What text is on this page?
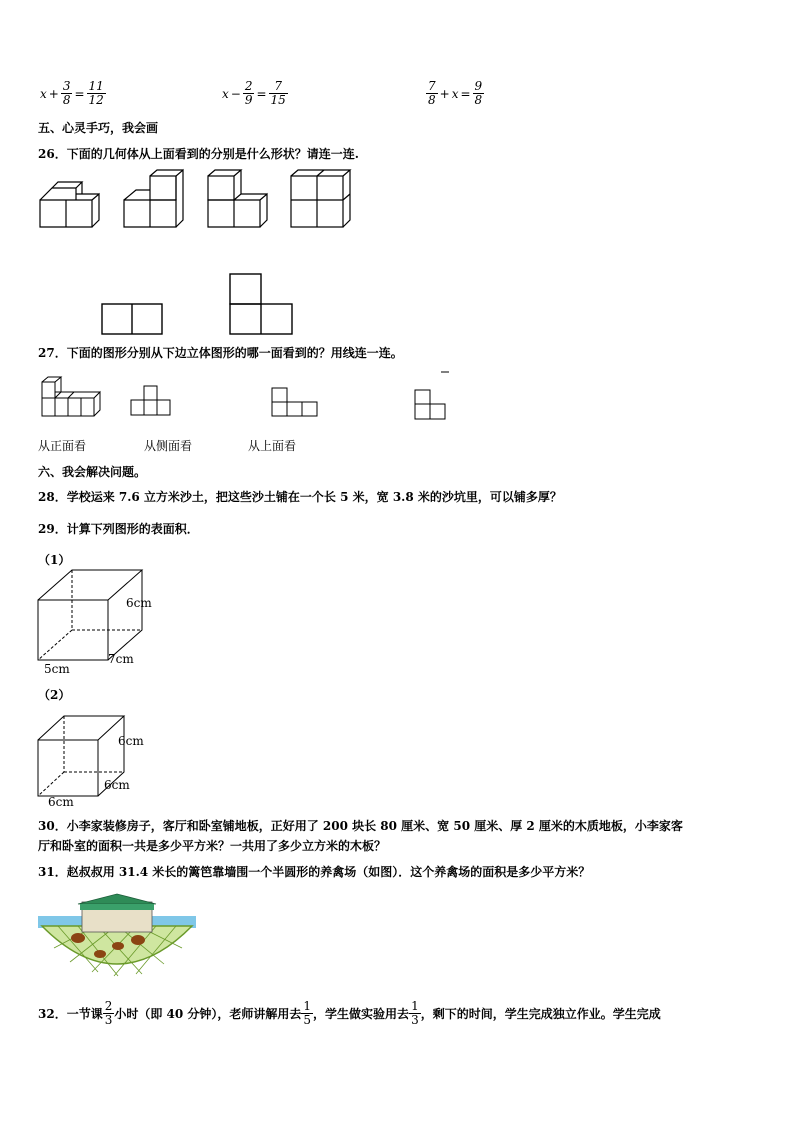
$x + \frac{3}{8} = \frac{11}{12}$	$x - \frac{2}{9} = \frac{7}{15}$	$\frac{7}{8} + x = \frac{9}{8}$
五、心灵手巧，我会画
26．下面的几何体从上面看到的分别是什么形状？请连一连.
27．下面的图形分别从下边立体图形的哪一面看到的？用线连一连。
从正面看	从侧面看	从上面看
六、我会解决问题。
28．学校运来 7.6 立方米沙土，把这些沙土铺在一个长 5 米，宽 3.8 米的沙坑里，可以铺多厚？
29．计算下列图形的表面积．
（1）
6cm
7cm
5cm
（2）
6cm
6cm
6cm
30．小李家装修房子，客厅和卧室铺地板，正好用了 200 块长 80 厘米、宽 50 厘米、厚 2 厘米的木质地板，小李家客
厅和卧室的面积一共是多少平方米？一共用了多少立方米的木板？
31．赵叔叔用 31.4 米长的篱笆靠墙围一个半圆形的养禽场（如图）．这个养禽场的面积是多少平方米？
32．一节课 $\frac{2}{3}$ 小时（即 40 分钟），老师讲解用去 $\frac{1}{5}$ ，学生做实验用去 $\frac{1}{3}$ ，剩下的时间，学生完成独立作业。学生完成
